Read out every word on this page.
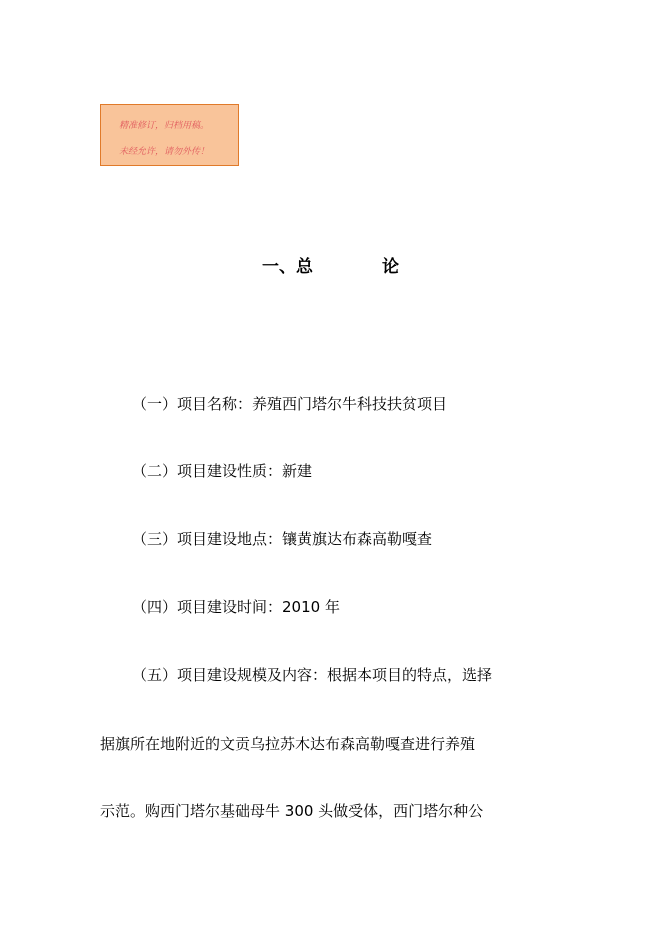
精准修订，归档用稿。
未经允许，请勿外传！
一、总	论
（一）项目名称：养殖西门塔尔牛科技扶贫项目
（二）项目建设性质：新建
（三）项目建设地点：镶黄旗达布森高勒嘎查
（四）项目建设时间：2010 年
（五）项目建设规模及内容：根据本项目的特点，选择
据旗所在地附近的文贡乌拉苏木达布森高勒嘎查进行养殖
示范。购西门塔尔基础母牛 300 头做受体，西门塔尔种公
